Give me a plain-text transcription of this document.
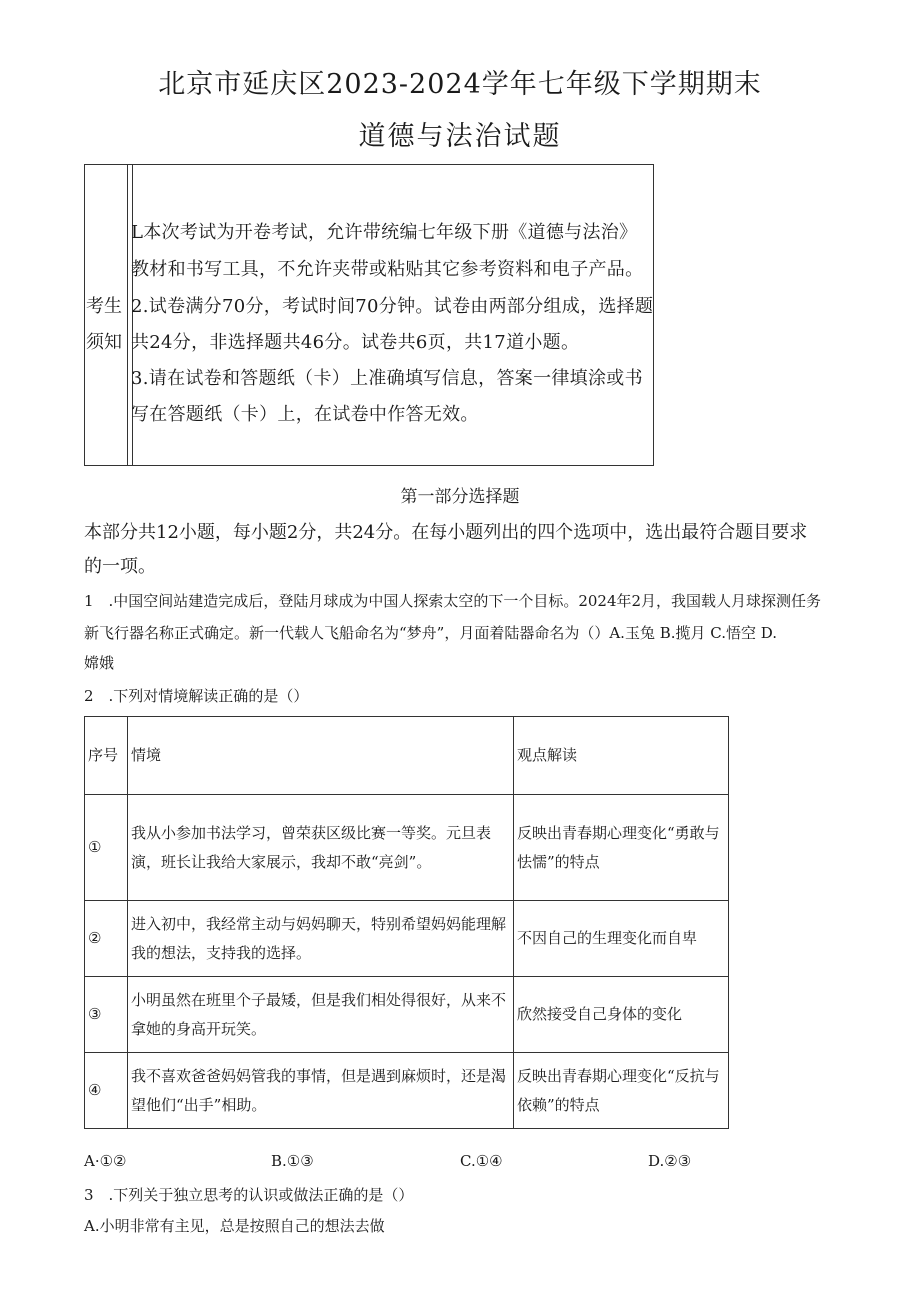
北京市延庆区2023-2024学年七年级下学期期末
道德与法治试题
考生
须知
L本次考试为开卷考试，允许带统编七年级下册《道德与法治》
教材和书写工具，不允许夹带或粘贴其它参考资料和电子产品。
2.试卷满分70分，考试时间70分钟。试卷由两部分组成，选择题
共24分，非选择题共46分。试卷共6页，共17道小题。
3.请在试卷和答题纸（卡）上准确填写信息，答案一律填涂或书
写在答题纸（卡）上，在试卷中作答无效。
第一部分选择题
本部分共12小题，每小题2分，共24分。在每小题列出的四个选项中，选出最符合题目要求
的一项。
1　.中国空间站建造完成后，登陆月球成为中国人探索太空的下一个目标。2024年2月，我国载人月球探测任务
新飞行器名称正式确定。新一代载人飞船命名为“梦舟”，月面着陆器命名为（）A.玉兔 B.揽月 C.悟空 D.
嫦娥
2　.下列对情境解读正确的是（）
序号	情境	观点解读
①	我从小参加书法学习，曾荣获区级比赛一等奖。元旦表演，班长让我给大家展示，我却不敢“亮剑”。	反映出青春期心理变化“勇敢与怯懦”的特点
②	进入初中，我经常主动与妈妈聊天，特别希望妈妈能理解我的想法，支持我的选择。	不因自己的生理变化而自卑
③	小明虽然在班里个子最矮，但是我们相处得很好，从来不拿她的身高开玩笑。	欣然接受自己身体的变化
④	我不喜欢爸爸妈妈管我的事情，但是遇到麻烦时，还是渴望他们“出手”相助。	反映出青春期心理变化“反抗与依赖”的特点
A·①②	B.①③	C.①④	D.②③
3　.下列关于独立思考的认识或做法正确的是（）
A.小明非常有主见，总是按照自己的想法去做
